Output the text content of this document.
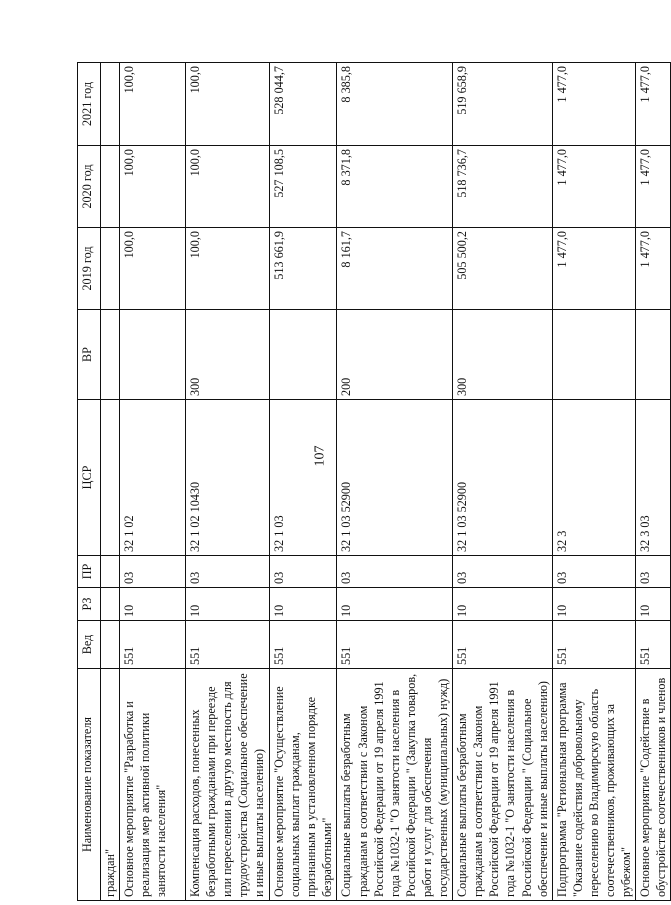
107
Наименование показателя	Вед	РЗ	ПР	ЦСР	ВР	2019 год	2020 год	2021 год
граждан"								
Основное мероприятие "Разработка и реализация мер активной политики занятости населения"	551	10	03	32 1 02		100,0	100,0	100,0
Компенсация расходов, понесенных безработными гражданами при переезде или переселении в другую местность для трудоустройства (Социальное обеспечение и иные выплаты населению)	551	10	03	32 1 02 10430	300	100,0	100,0	100,0
Основное мероприятие "Осуществление социальных выплат гражданам, признанным в установленном порядке безработными"	551	10	03	32 1 03		513 661,9	527 108,5	528 044,7
Социальные выплаты безработным гражданам в соответствии с Законом Российской Федерации от 19 апреля 1991 года №1032-1 "О занятости населения в Российской Федерации " (Закупка товаров, работ и услуг для обеспечения государственных (муниципальных) нужд)	551	10	03	32 1 03 52900	200	8 161,7	8 371,8	8 385,8
Социальные выплаты безработным гражданам в соответствии с Законом Российской Федерации от 19 апреля 1991 года №1032-1 "О занятости населения в Российской Федерации " (Социальное обеспечение и иные выплаты населению)	551	10	03	32 1 03 52900	300	505 500,2	518 736,7	519 658,9
Подпрограмма "Региональная программа "Оказание содействия добровольному переселению во Владимирскую область соотечественников, проживающих за рубежом"	551	10	03	32 3		1 477,0	1 477,0	1 477,0
Основное мероприятие "Содействие в обустройстве соотечественников и членов	551	10	03	32 3 03		1 477,0	1 477,0	1 477,0
